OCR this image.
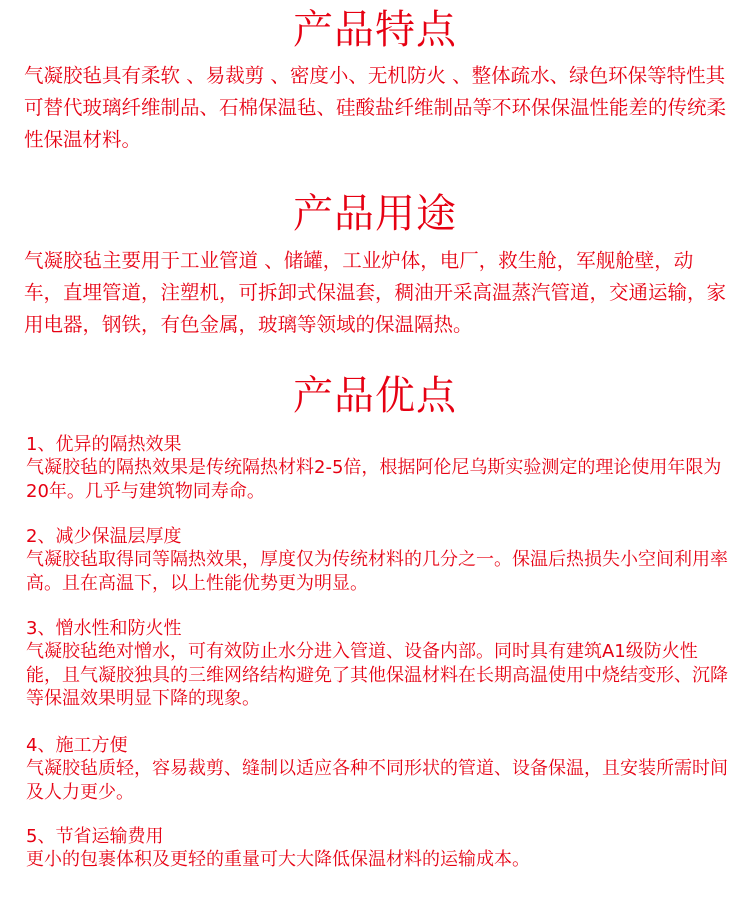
产品特点

气凝胶毡具有柔软 、易裁剪 、密度小、无机防火 、整体疏水、绿色环保等特性其可替代玻璃纤维制品、石棉保温毡、硅酸盐纤维制品等不环保保温性能差的传统柔性保温材料。

产品用途

气凝胶毡主要用于工业管道 、储罐，工业炉体，电厂，救生舱，军舰舱壁，动车，直埋管道，注塑机，可拆卸式保温套，稠油开采高温蒸汽管道，交通运输，家用电器，钢铁，有色金属，玻璃等领域的保温隔热。

产品优点

1、优异的隔热效果

气凝胶毡的隔热效果是传统隔热材料2-5倍，根据阿伦尼乌斯实验测定的理论使用年限为20年。几乎与建筑物同寿命。

2、减少保温层厚度

气凝胶毡取得同等隔热效果，厚度仅为传统材料的几分之一。保温后热损失小空间利用率高。且在高温下，以上性能优势更为明显。

3、憎水性和防火性

气凝胶毡绝对憎水，可有效防止水分进入管道、设备内部。同时具有建筑A1级防火性能，且气凝胶独具的三维网络结构避免了其他保温材料在长期高温使用中烧结变形、沉降等保温效果明显下降的现象。

4、施工方便

气凝胶毡质轻，容易裁剪、缝制以适应各种不同形状的管道、设备保温，且安装所需时间及人力更少。

5、节省运输费用

更小的包裹体积及更轻的重量可大大降低保温材料的运输成本。
